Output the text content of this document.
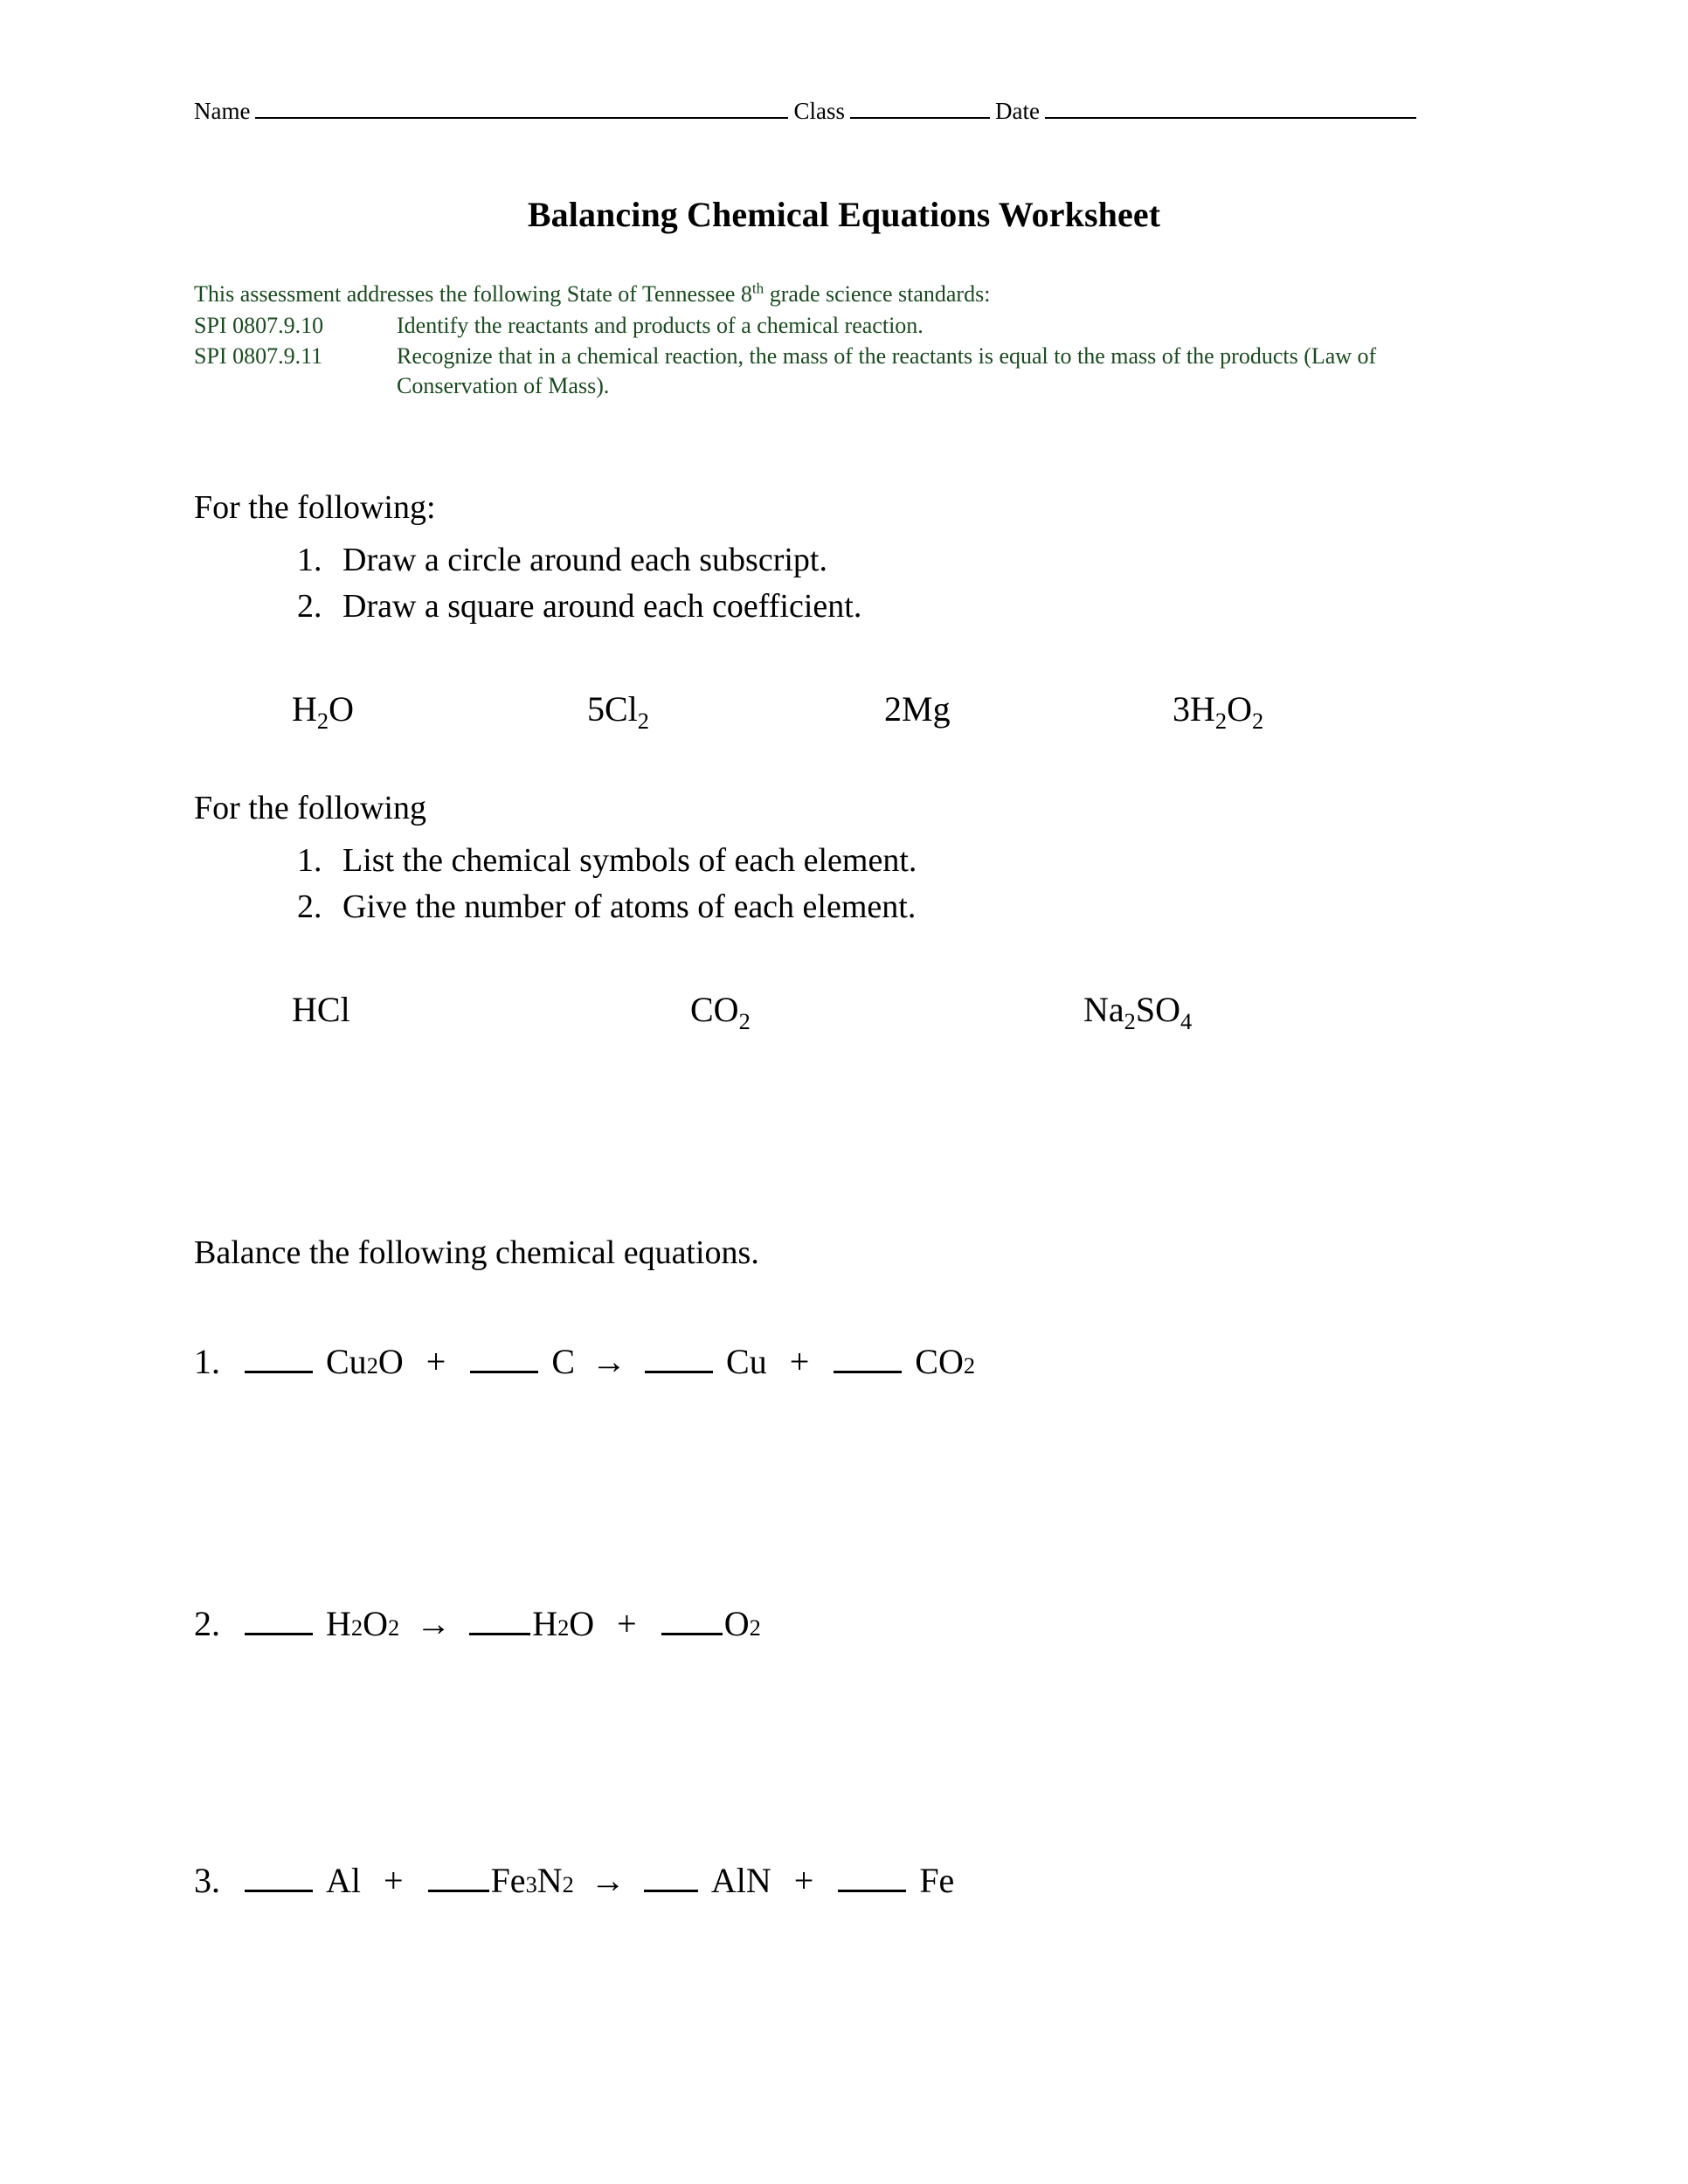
Name	Class	Date
Balancing Chemical Equations Worksheet

This assessment addresses the following State of Tennessee 8th grade science standards:

SPI 0807.9.10	Identify the reactants and products of a chemical reaction.
SPI 0807.9.11	Recognize that in a chemical reaction, the mass of the reactants is equal to the mass of the products (Law of Conservation of Mass).
For the following:
1. Draw a circle around each subscript.
2. Draw a square around each coefficient.
$H_2O$	$5Cl_2$	2Mg	$3H_2O_2$
For the following
1. List the chemical symbols of each element.
2. Give the number of atoms of each element.
HCl	$CO_2$	$Na_2SO_4$
Balance the following chemical equations.
1.	Cu 2 O +	C →	Cu +	CO 2
2.	H 2 O 2 → H 2 O +	O 2
3.	Al +	Fe 3 N 2 → AlN +	Fe
